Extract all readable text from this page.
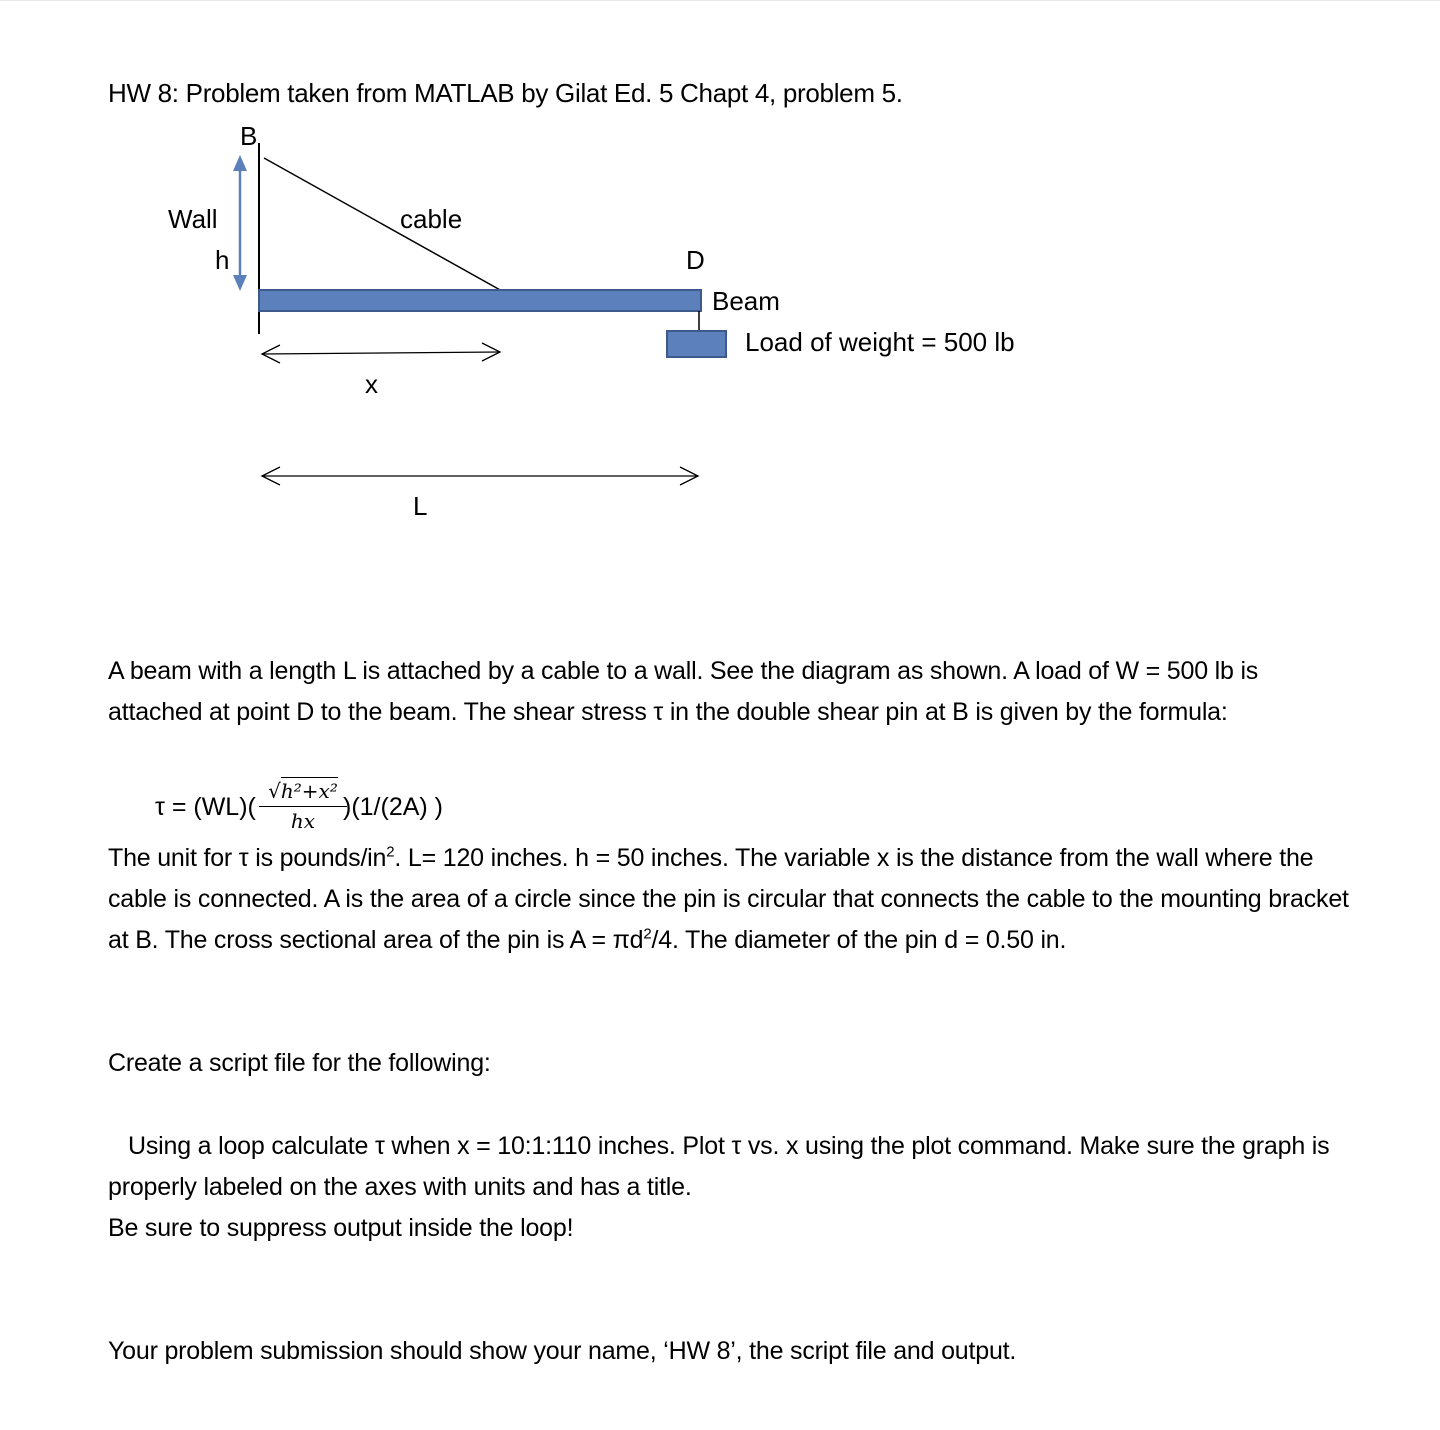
HW 8: Problem taken from MATLAB by Gilat Ed. 5 Chapt 4, problem 5.
B
Wall
h
cable
D
Beam
Load of weight = 500 lb
x
L
A beam with a length L is attached by a cable to a wall. See the diagram as shown. A load of W = 500 lb is attached at point D to the beam. The shear stress τ in the double shear pin at B is given by the formula:
$\tau = (WL)( \frac{\text{√h²+x²}}{hx}$
)(1/(2A) )
The unit for τ is pounds/$in^2$. L= 120 inches. h = 50 inches. The variable x is the distance from the wall where the cable is connected. A is the area of a circle since the pin is circular that connects the cable to the mounting bracket at B. The cross sectional area of the pin is $A = \pi d^2/4$. The diameter of the pin d = 0.50 in.
Create a script file for the following:
Using a loop calculate τ when x = 10:1:110 inches. Plot τ vs. x using the plot command. Make sure the graph is properly labeled on the axes with units and has a title.
Be sure to suppress output inside the loop!
Your problem submission should show your name, ‘HW 8’, the script file and output.
